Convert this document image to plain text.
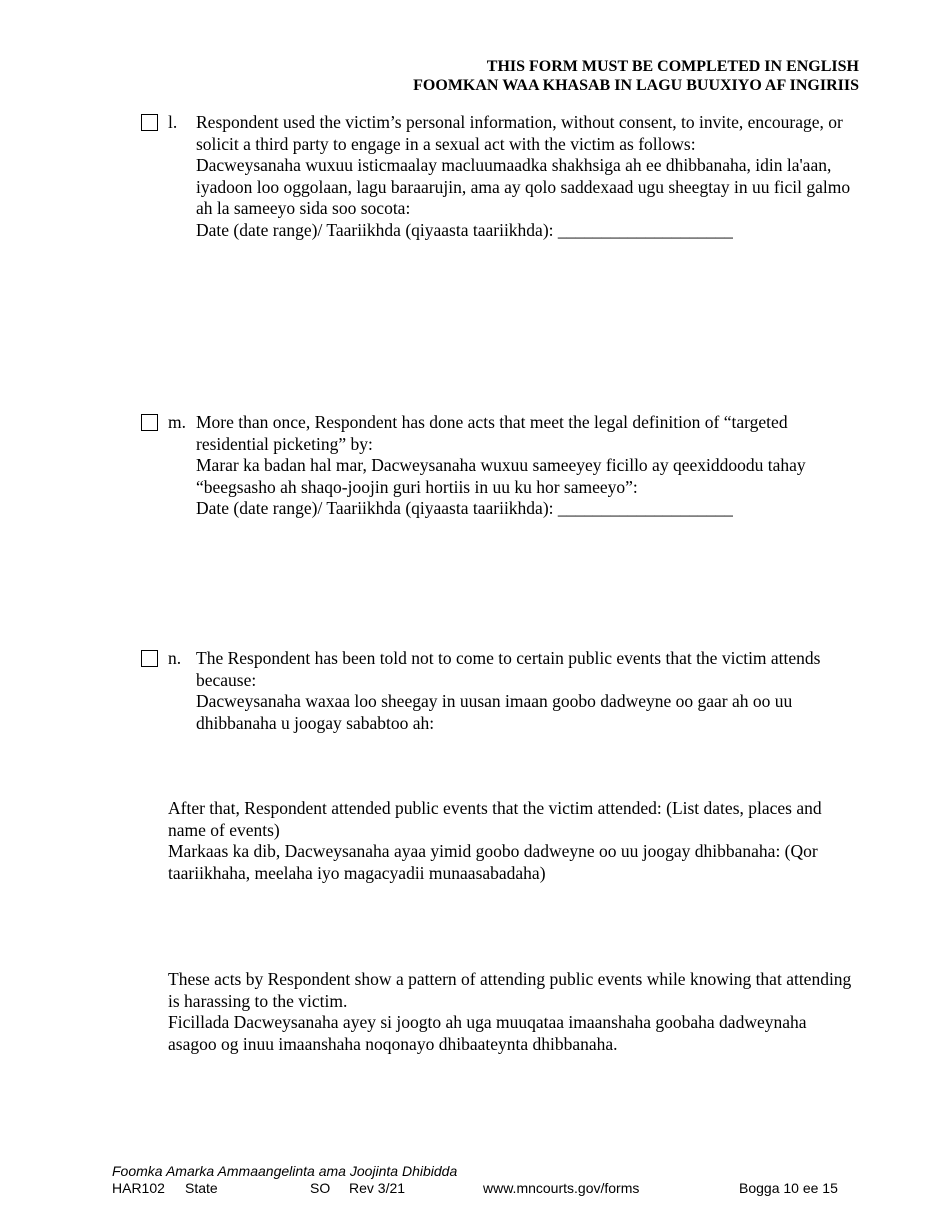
THIS FORM MUST BE COMPLETED IN ENGLISH
FOOMKAN WAA KHASAB IN LAGU BUUXIYO AF INGIRIIS
l. Respondent used the victim’s personal information, without consent, to invite, encourage, or solicit a third party to engage in a sexual act with the victim as follows:

Dacweysanaha wuxuu isticmaalay macluumaadka shakhsiga ah ee dhibbanaha, idin la'aan, iyadoon loo oggolaan, lagu baraarujin, ama ay qolo saddexaad ugu sheegtay in uu ficil galmo ah la sameeyo sida soo socota:

Date (date range)/ Taariikhda (qiyaasta taariikhda): ____________________

m. More than once, Respondent has done acts that meet the legal definition of “targeted residential picketing” by:

Marar ka badan hal mar, Dacweysanaha wuxuu sameeyey ficillo ay qeexiddoodu tahay “beegsasho ah shaqo-joojin guri hortiis in uu ku hor sameeyo”:

Date (date range)/ Taariikhda (qiyaasta taariikhda): ____________________

n. The Respondent has been told not to come to certain public events that the victim attends because:

Dacweysanaha waxaa loo sheegay in uusan imaan goobo dadweyne oo gaar ah oo uu dhibbanaha u joogay sababtoo ah:

After that, Respondent attended public events that the victim attended: (List dates, places and name of events)

Markaas ka dib, Dacweysanaha ayaa yimid goobo dadweyne oo uu joogay dhibbanaha: (Qor taariikhaha, meelaha iyo magacyadii munaasabadaha)

These acts by Respondent show a pattern of attending public events while knowing that attending is harassing to the victim.

Ficillada Dacweysanaha ayey si joogto ah uga muuqataa imaanshaha goobaha dadweynaha asagoo og inuu imaanshaha noqonayo dhibaateynta dhibbanaha.

Foomka Amarka Ammaangelinta ama Joojinta Dhibidda
HAR102 State	SO Rev 3/21	www.mncourts.gov/forms	Bogga 10 ee 15
